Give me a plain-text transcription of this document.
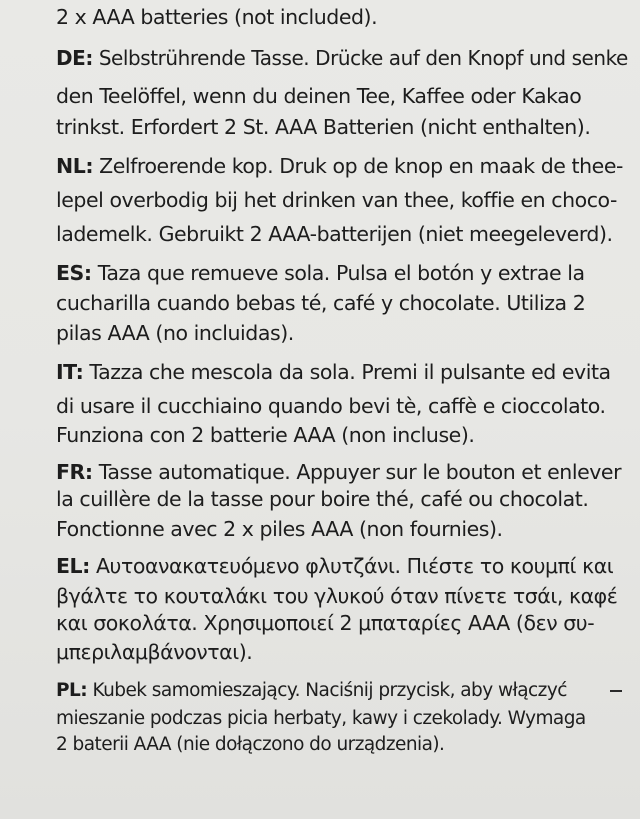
2 x AAA batteries (not included).
DE: Selbstrührende Tasse. Drücke auf den Knopf und senke
den Teelöffel, wenn du deinen Tee, Kaffee oder Kakao
trinkst. Erfordert 2 St. AAA Batterien (nicht enthalten).
NL: Zelfroerende kop. Druk op de knop en maak de thee-
lepel overbodig bij het drinken van thee, koffie en choco-
lademelk. Gebruikt 2 AAA-batterijen (niet meegeleverd).
ES: Taza que remueve sola. Pulsa el botón y extrae la
cucharilla cuando bebas té, café y chocolate. Utiliza 2
pilas AAA (no incluidas).
IT: Tazza che mescola da sola. Premi il pulsante ed evita
di usare il cucchiaino quando bevi tè, caffè e cioccolato.
Funziona con 2 batterie AAA (non incluse).
FR: Tasse automatique. Appuyer sur le bouton et enlever
la cuillère de la tasse pour boire thé, café ou chocolat.
Fonctionne avec 2 x piles AAA (non fournies).
EL: Αυτοανακατευόμενο φλυτζάνι. Πιέστε το κουμπί και
βγάλτε το κουταλάκι του γλυκού όταν πίνετε τσάι, καφέ
και σοκολάτα. Χρησιμοποιεί 2 μπαταρίες AAA (δεν συ-
μπεριλαμβάνονται).
PL: Kubek samomieszający. Naciśnij przycisk, aby włączyć
mieszanie podczas picia herbaty, kawy i czekolady. Wymaga
2 baterii AAA (nie dołączono do urządzenia).
